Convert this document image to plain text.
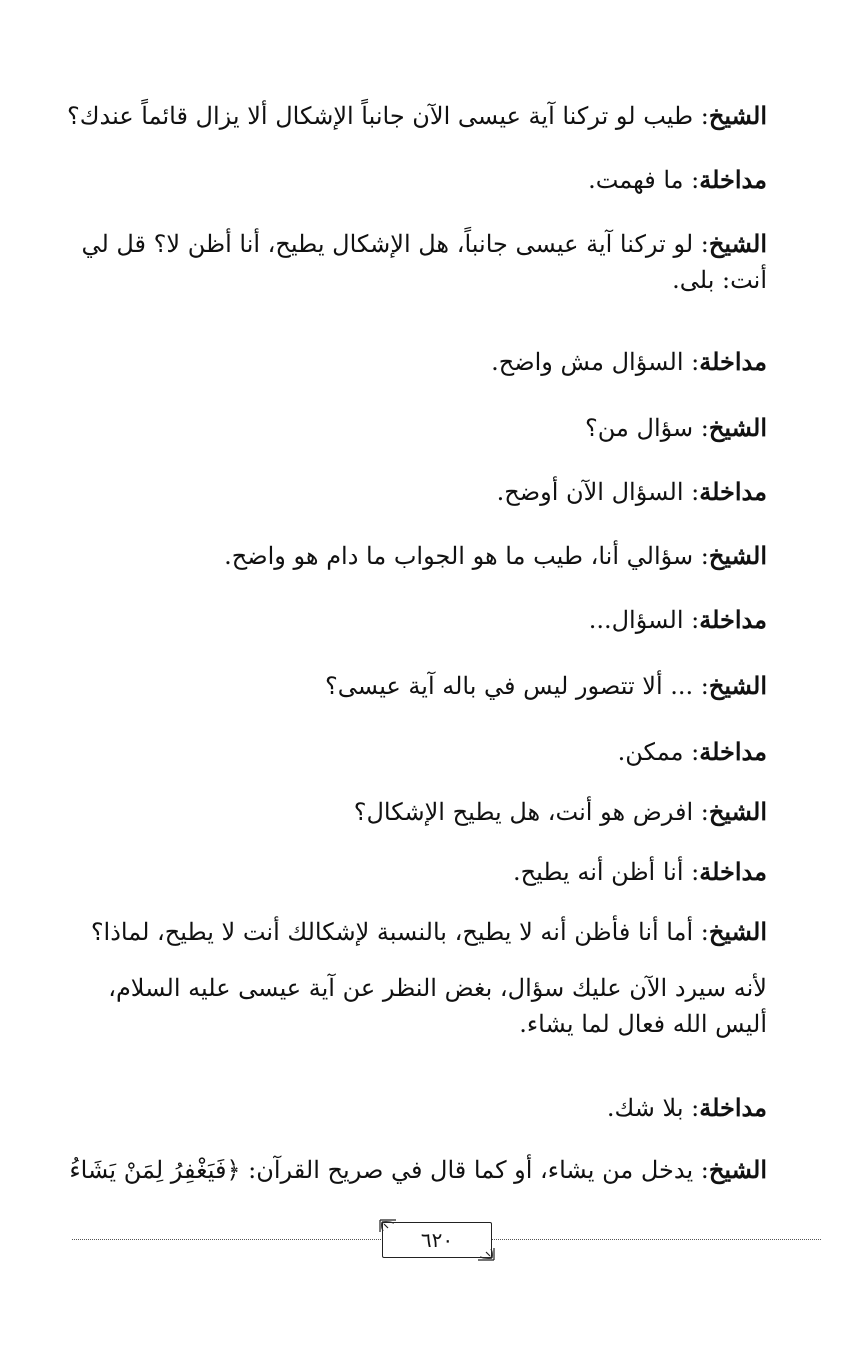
الشيخ: طيب لو تركنا آية عيسى الآن جانباً الإشكال ألا يزال قائماً عندك؟

مداخلة: ما فهمت.

الشيخ: لو تركنا آية عيسى جانباً، هل الإشكال يطيح، أنا أظن لا؟ قل لي أنت: بلى.

مداخلة: السؤال مش واضح.

الشيخ: سؤال من؟

مداخلة: السؤال الآن أوضح.

الشيخ: سؤالي أنا، طيب ما هو الجواب ما دام هو واضح.

مداخلة: السؤال...

الشيخ: ... ألا تتصور ليس في باله آية عيسى؟

مداخلة: ممكن.

الشيخ: افرض هو أنت، هل يطيح الإشكال؟

مداخلة: أنا أظن أنه يطيح.

الشيخ: أما أنا فأظن أنه لا يطيح، بالنسبة لإشكالك أنت لا يطيح، لماذا؟

لأنه سيرد الآن عليك سؤال، بغض النظر عن آية عيسى عليه السلام، أليس الله فعال لما يشاء.

مداخلة: بلا شك.

الشيخ: يدخل من يشاء، أو كما قال في صريح القرآن: ﴿فَيَغْفِرُ لِمَنْ يَشَاءُ

٦٢٠
